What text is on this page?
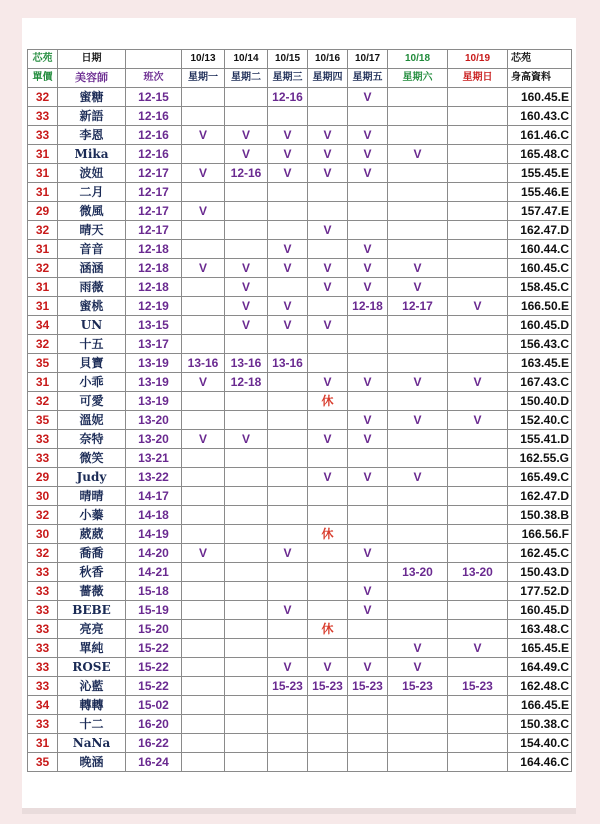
芯苑	日期		10/13	10/14	10/15	10/16	10/17	10/18	10/19	芯苑
單價	美容師	班次	星期一	星期二	星期三	星期四	星期五	星期六	星期日	身高資料
32	蜜糖	12-15			12-16		V			160.45.E
33	新語	12-16								160.43.C
33	李恩	12-16	V	V	V	V	V			161.46.C
31	Mika	12-16		V	V	V	V	V		165.48.C
31	波妞	12-17	V	12-16	V	V	V			155.45.E
31	二月	12-17								155.46.E
29	微風	12-17	V							157.47.E
32	晴天	12-17				V				162.47.D
31	音音	12-18			V		V			160.44.C
32	涵涵	12-18	V	V	V	V	V	V		160.45.C
31	雨薇	12-18		V		V	V	V		158.45.C
31	蜜桃	12-19		V	V		12-18	12-17	V	166.50.E
34	UN	13-15		V	V	V				160.45.D
32	十五	13-17								156.43.C
35	貝寶	13-19	13-16	13-16	13-16					163.45.E
31	小乖	13-19	V	12-18		V	V	V	V	167.43.C
32	可愛	13-19				休				150.40.D
35	溫妮	13-20					V	V	V	152.40.C
33	奈特	13-20	V	V		V	V			155.41.D
33	微笑	13-21								162.55.G
29	Judy	13-22				V	V	V		165.49.C
30	晴晴	14-17								162.47.D
32	小蓁	14-18								150.38.B
30	葳葳	14-19				休				166.56.F
32	喬喬	14-20	V		V		V			162.45.C
33	秋香	14-21						13-20	13-20	150.43.D
33	薔薇	15-18					V			177.52.D
33	BEBE	15-19			V		V			160.45.D
33	亮亮	15-20				休				163.48.C
33	單純	15-22						V	V	165.45.E
33	ROSE	15-22			V	V	V	V		164.49.C
33	沁藍	15-22			15-23	15-23	15-23	15-23	15-23	162.48.C
34	轉轉	15-02								166.45.E
33	十二	16-20								150.38.C
31	NaNa	16-22								154.40.C
35	晚涵	16-24								164.46.C
